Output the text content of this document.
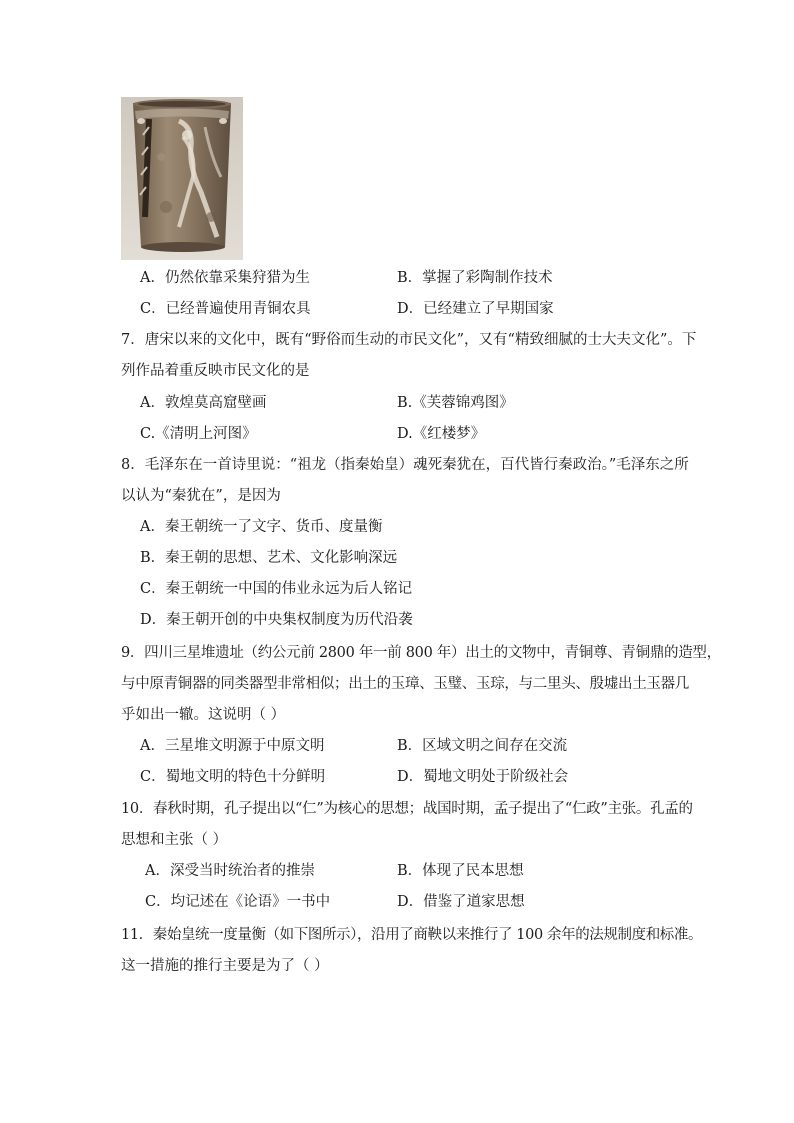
A．仍然依靠采集狩猎为生	B．掌握了彩陶制作技术
C．已经普遍使用青铜农具	D．已经建立了早期国家
7．唐宋以来的文化中，既有“野俗而生动的市民文化”，又有“精致细腻的士大夫文化”。下
列作品着重反映市民文化的是
A．敦煌莫高窟壁画	B.《芙蓉锦鸡图》
C.《清明上河图》	D.《红楼梦》
8．毛泽东在一首诗里说：“祖龙（指秦始皇）魂死秦犹在，百代皆行秦政治。”毛泽东之所
以认为“秦犹在”，是因为
A．秦王朝统一了文字、货币、度量衡
B．秦王朝的思想、艺术、文化影响深远
C．秦王朝统一中国的伟业永远为后人铭记
D．秦王朝开创的中央集权制度为历代沿袭
9．四川三星堆遗址（约公元前 2800 年一前 800 年）出土的文物中，青铜尊、青铜鼎的造型，
与中原青铜器的同类器型非常相似；出土的玉璋、玉璧、玉琮，与二里头、殷墟出土玉器几
乎如出一辙。这说明（ ）
A．三星堆文明源于中原文明	B．区域文明之间存在交流
C．蜀地文明的特色十分鲜明	D．蜀地文明处于阶级社会
10．春秋时期，孔子提出以“仁”为核心的思想；战国时期，孟子提出了“仁政”主张。孔孟的
思想和主张（ ）
A．深受当时统治者的推崇	B．体现了民本思想
C．均记述在《论语》一书中	D．借鉴了道家思想
11．秦始皇统一度量衡（如下图所示），沿用了商鞅以来推行了 100 余年的法规制度和标准。
这一措施的推行主要是为了（ ）
